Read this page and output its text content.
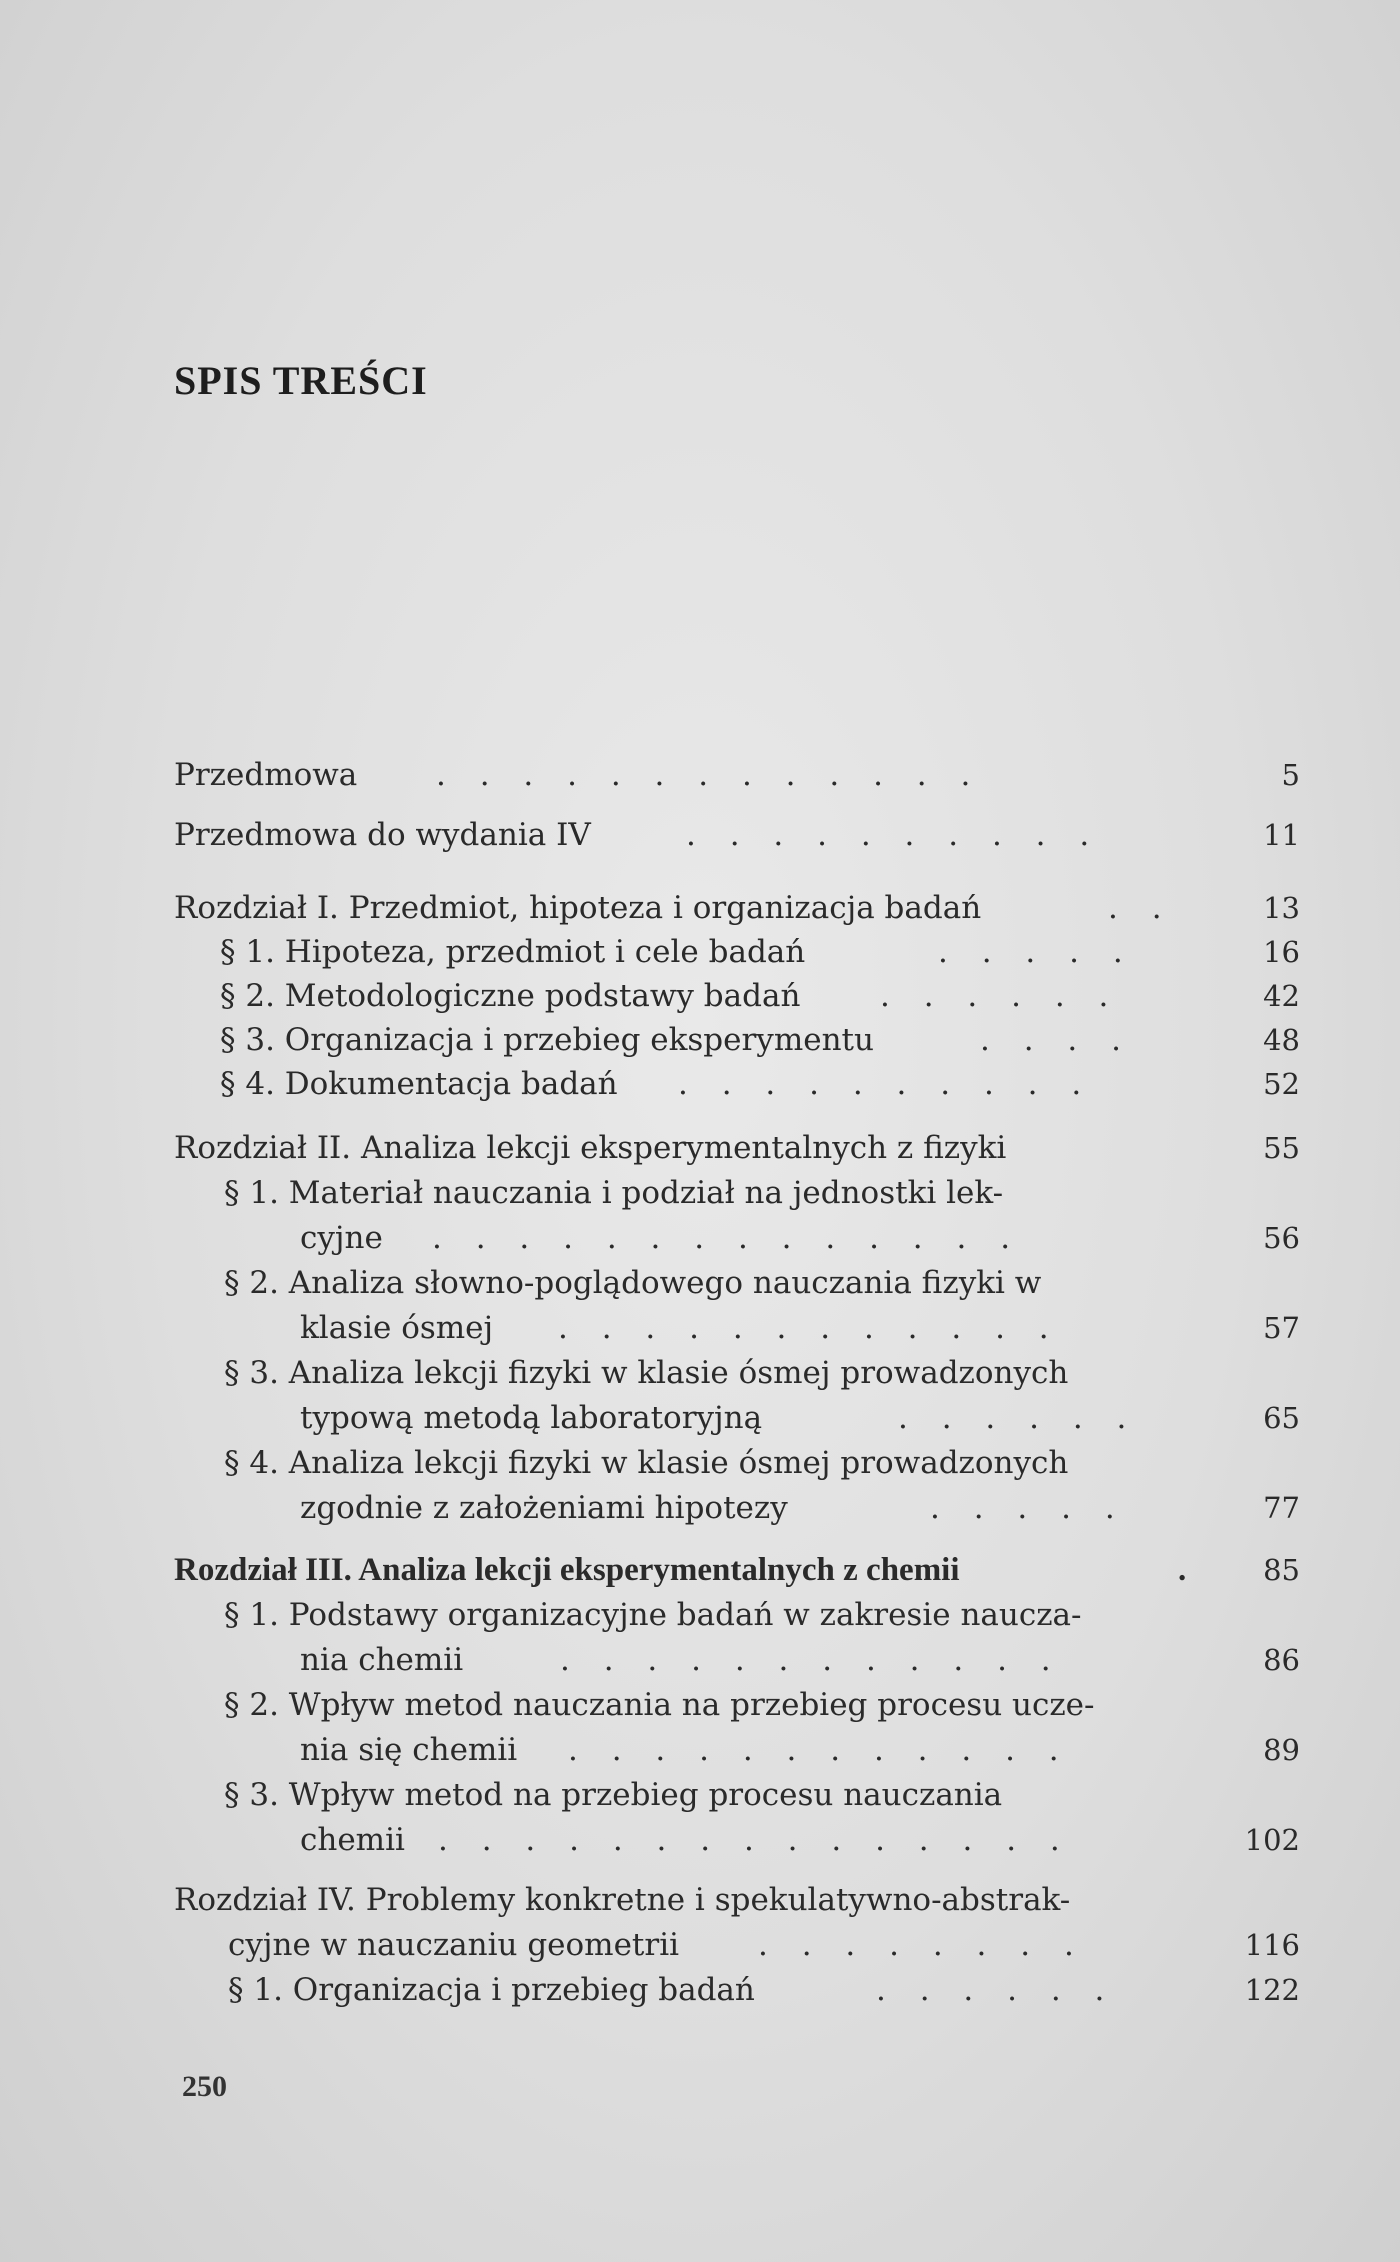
SPIS TREŚCI
Przedmowa	. . . . . . . . . . . . .	5
Przedmowa do wydania IV	. . . . . . . . . .	11
Rozdział I. Przedmiot, hipoteza i organizacja badań	. .	13
§ 1. Hipoteza, przedmiot i cele badań	. . . . .	16
§ 2. Metodologiczne podstawy badań	. . . . . .	42
§ 3. Organizacja i przebieg eksperymentu	. . . .	48
§ 4. Dokumentacja badań . . . . . . . . . .	52
Rozdział II. Analiza lekcji eksperymentalnych z fizyki	55
§ 1. Materiał nauczania i podział na jednostki lek-
cyjne . . . . . . . . . . . . . .	56
§ 2. Analiza słowno-poglądowego nauczania fizyki w
klasie ósmej . . . . . . . . . . . .	57
§ 3. Analiza lekcji fizyki w klasie ósmej prowadzonych
typową metodą laboratoryjną	. . . . . .	65
§ 4. Analiza lekcji fizyki w klasie ósmej prowadzonych
zgodnie z założeniami hipotezy	. . . . .	77
Rozdział III. Analiza lekcji eksperymentalnych z chemii	.	85
§ 1. Podstawy organizacyjne badań w zakresie naucza-
nia chemii	. . . . . . . . . . . .	86
§ 2. Wpływ metod nauczania na przebieg procesu ucze-
nia się chemii . . . . . . . . . . . .	89
§ 3. Wpływ metod na przebieg procesu nauczania
chemii . . . . . . . . . . . . . . .	102
Rozdział IV. Problemy konkretne i spekulatywno-abstrak-
cyjne w nauczaniu geometrii	. . . . . . . .	116
§ 1. Organizacja i przebieg badań	. . . . . .	122
250
